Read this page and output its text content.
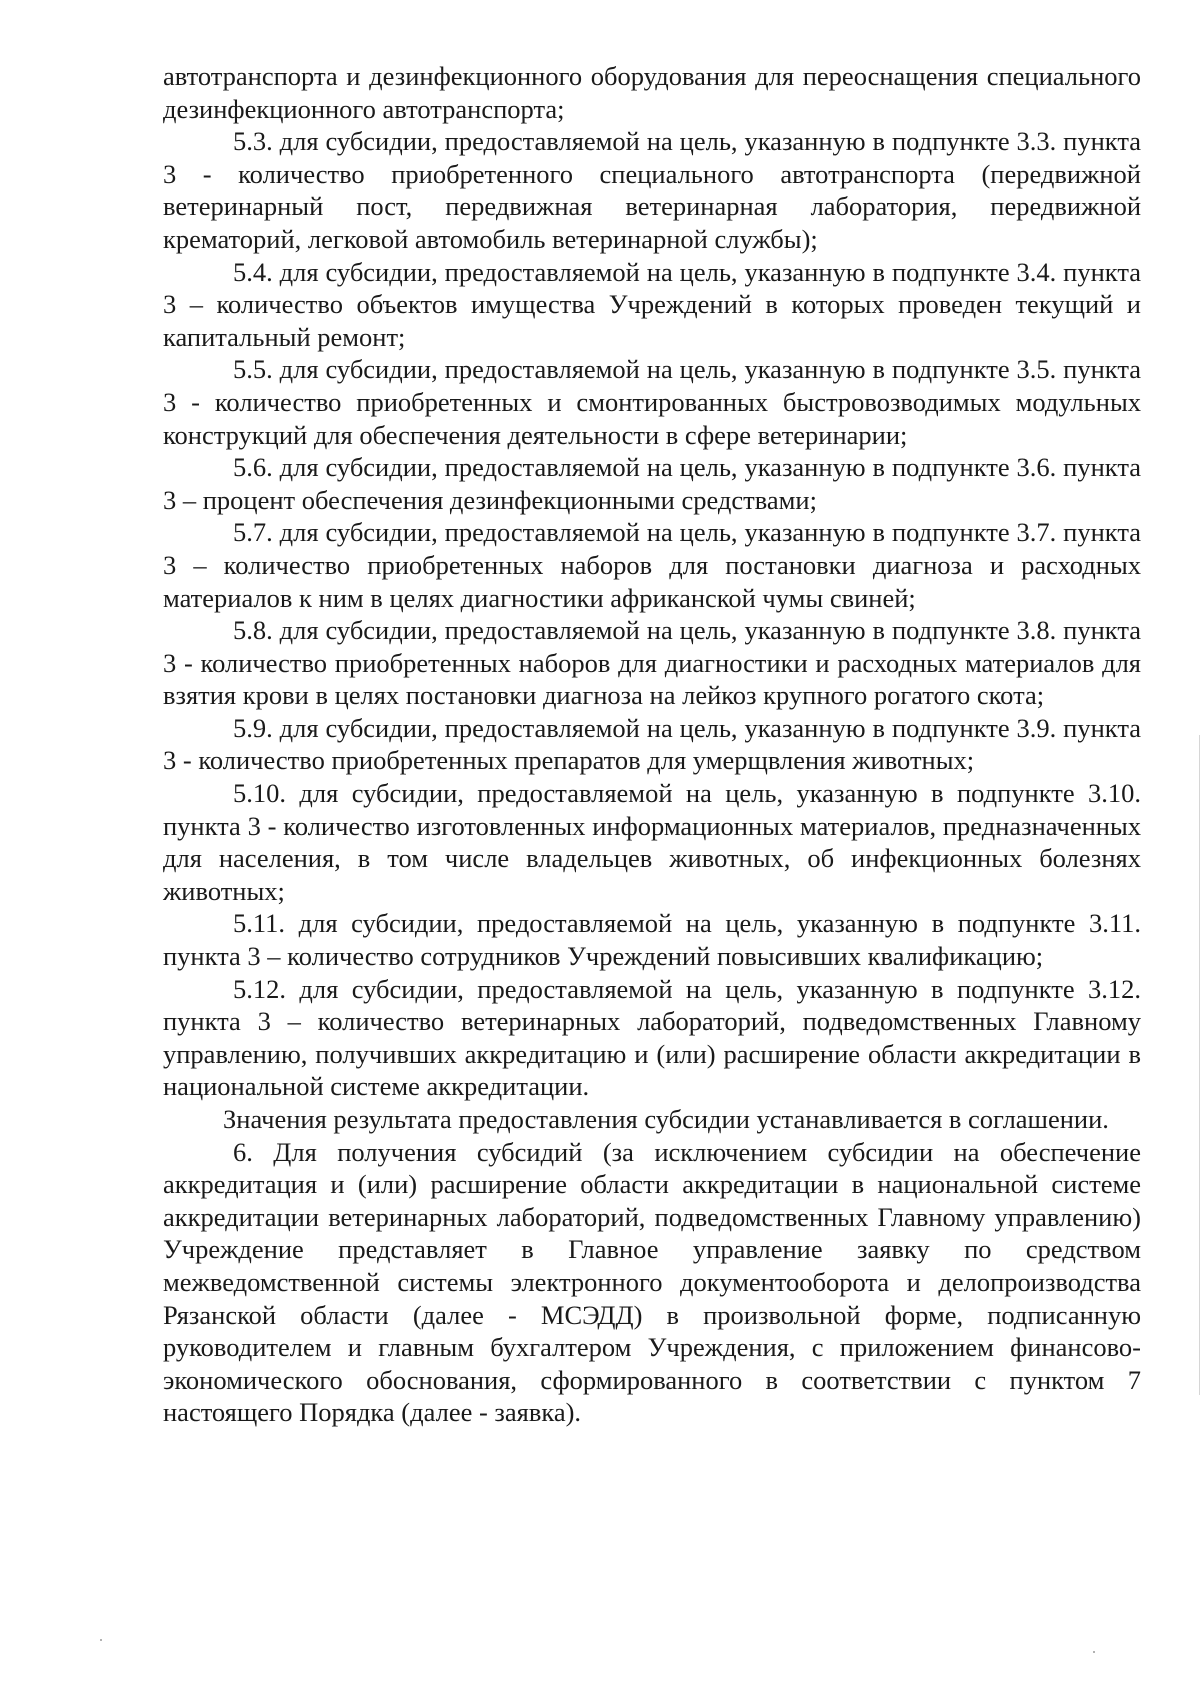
автотранспорта и дезинфекционного оборудования для переоснащения специального дезинфекционного автотранспорта;

5.3. для субсидии, предоставляемой на цель, указанную в подпункте 3.3. пункта 3 - количество приобретенного специального автотранспорта (передвижной ветеринарный пост, передвижная ветеринарная лаборатория, передвижной крематорий, легковой автомобиль ветеринарной службы);

5.4. для субсидии, предоставляемой на цель, указанную в подпункте 3.4. пункта 3 – количество объектов имущества Учреждений в которых проведен текущий и капитальный ремонт;

5.5. для субсидии, предоставляемой на цель, указанную в подпункте 3.5. пункта 3 - количество приобретенных и смонтированных быстровозводимых модульных конструкций для обеспечения деятельности в сфере ветеринарии;

5.6. для субсидии, предоставляемой на цель, указанную в подпункте 3.6. пункта 3 – процент обеспечения дезинфекционными средствами;

5.7. для субсидии, предоставляемой на цель, указанную в подпункте 3.7. пункта 3 – количество приобретенных наборов для постановки диагноза и расходных материалов к ним в целях диагностики африканской чумы свиней;

5.8. для субсидии, предоставляемой на цель, указанную в подпункте 3.8. пункта 3 - количество приобретенных наборов для диагностики и расходных материалов для взятия крови в целях постановки диагноза на лейкоз крупного рогатого скота;

5.9. для субсидии, предоставляемой на цель, указанную в подпункте 3.9. пункта 3 - количество приобретенных препаратов для умерщвления животных;

5.10. для субсидии, предоставляемой на цель, указанную в подпункте 3.10. пункта 3 - количество изготовленных информационных материалов, предназначенных для населения, в том числе владельцев животных, об инфекционных болезнях животных;

5.11. для субсидии, предоставляемой на цель, указанную в подпункте 3.11. пункта 3 – количество сотрудников Учреждений повысивших квалификацию;

5.12. для субсидии, предоставляемой на цель, указанную в подпункте 3.12. пункта 3 – количество ветеринарных лабораторий, подведомственных Главному управлению, получивших аккредитацию и (или) расширение области аккредитации в национальной системе аккредитации.

Значения результата предоставления субсидии устанавливается в соглашении.

6. Для получения субсидий (за исключением субсидии на обеспечение аккредитация и (или) расширение области аккредитации в национальной системе аккредитации ветеринарных лабораторий, подведомственных Главному управлению) Учреждение представляет в Главное управление заявку по средством межведомственной системы электронного документооборота и делопроизводства Рязанской области (далее - МСЭДД) в произвольной форме, подписанную руководителем и главным бухгалтером Учреждения, с приложением финансово-экономического обоснования, сформированного в соответствии с пунктом 7 настоящего Порядка (далее - заявка).
